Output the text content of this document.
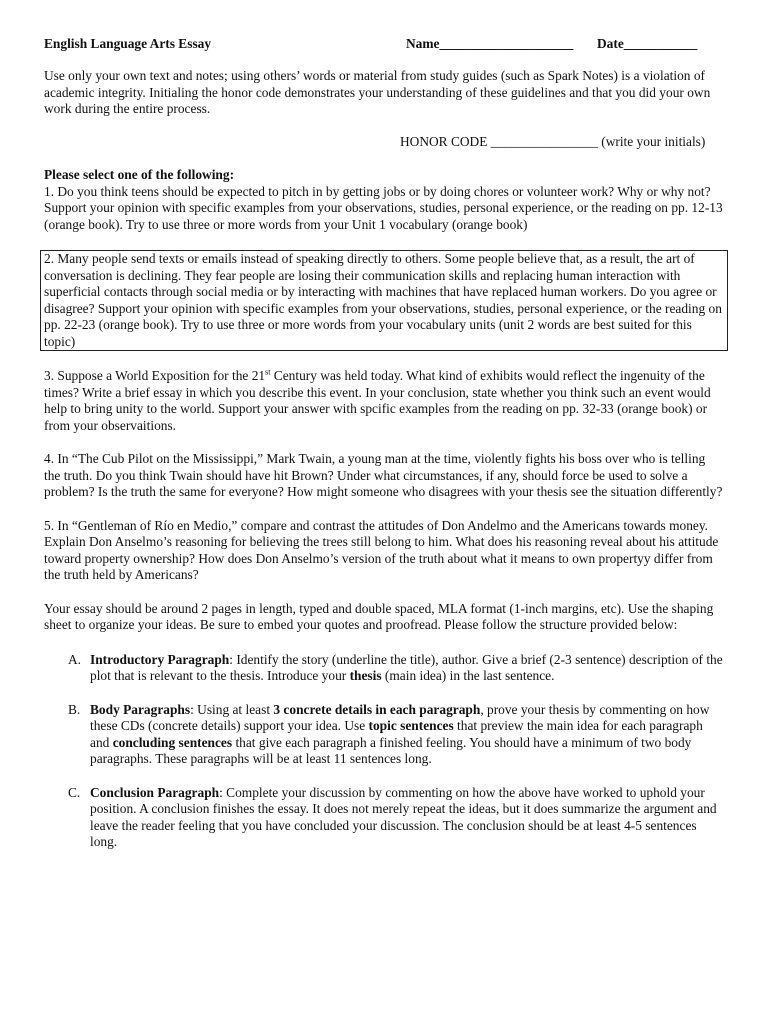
English Language Arts Essay	Name____________________ Date___________

Use only your own text and notes; using others’ words or material from study guides (such as Spark Notes) is a violation of academic integrity. Initialing the honor code demonstrates your understanding of these guidelines and that you did your own work during the entire process.

HONOR CODE ________________ (write your initials)

Please select one of the following:

1. Do you think teens should be expected to pitch in by getting jobs or by doing chores or volunteer work? Why or why not? Support your opinion with specific examples from your observations, studies, personal experience, or the reading on pp. 12-13 (orange book). Try to use three or more words from your Unit 1 vocabulary (orange book)

2. Many people send texts or emails instead of speaking directly to others. Some people believe that, as a result, the art of conversation is declining. They fear people are losing their communication skills and replacing human interaction with superficial contacts through social media or by interacting with machines that have replaced human workers. Do you agree or disagree? Support your opinion with specific examples from your observations, studies, personal experience, or the reading on pp. 22-23 (orange book). Try to use three or more words from your vocabulary units (unit 2 words are best suited for this topic)

3. Suppose a World Exposition for the 21st Century was held today. What kind of exhibits would reflect the ingenuity of the times? Write a brief essay in which you describe this event. In your conclusion, state whether you think such an event would help to bring unity to the world. Support your answer with spcific examples from the reading on pp. 32-33 (orange book) or from your observaitions.

4. In “The Cub Pilot on the Mississippi,” Mark Twain, a young man at the time, violently fights his boss over who is telling the truth. Do you think Twain should have hit Brown? Under what circumstances, if any, should force be used to solve a problem? Is the truth the same for everyone? How might someone who disagrees with your thesis see the situation differently?

5. In “Gentleman of Río en Medio,” compare and contrast the attitudes of Don Andelmo and the Americans towards money. Explain Don Anselmo’s reasoning for believing the trees still belong to him. What does his reasoning reveal about his attitude toward property ownership? How does Don Anselmo’s version of the truth about what it means to own propertyy differ from the truth held by Americans?

Your essay should be around 2 pages in length, typed and double spaced, MLA format (1-inch margins, etc). Use the shaping sheet to organize your ideas. Be sure to embed your quotes and proofread. Please follow the structure provided below:

A. Introductory Paragraph: Identify the story (underline the title), author. Give a brief (2-3 sentence) description of the plot that is relevant to the thesis. Introduce your thesis (main idea) in the last sentence.
B. Body Paragraphs: Using at least 3 concrete details in each paragraph, prove your thesis by commenting on how these CDs (concrete details) support your idea. Use topic sentences that preview the main idea for each paragraph and concluding sentences that give each paragraph a finished feeling. You should have a minimum of two body paragraphs. These paragraphs will be at least 11 sentences long.
C. Conclusion Paragraph: Complete your discussion by commenting on how the above have worked to uphold your position. A conclusion finishes the essay. It does not merely repeat the ideas, but it does summarize the argument and leave the reader feeling that you have concluded your discussion. The conclusion should be at least 4-5 sentences long.
